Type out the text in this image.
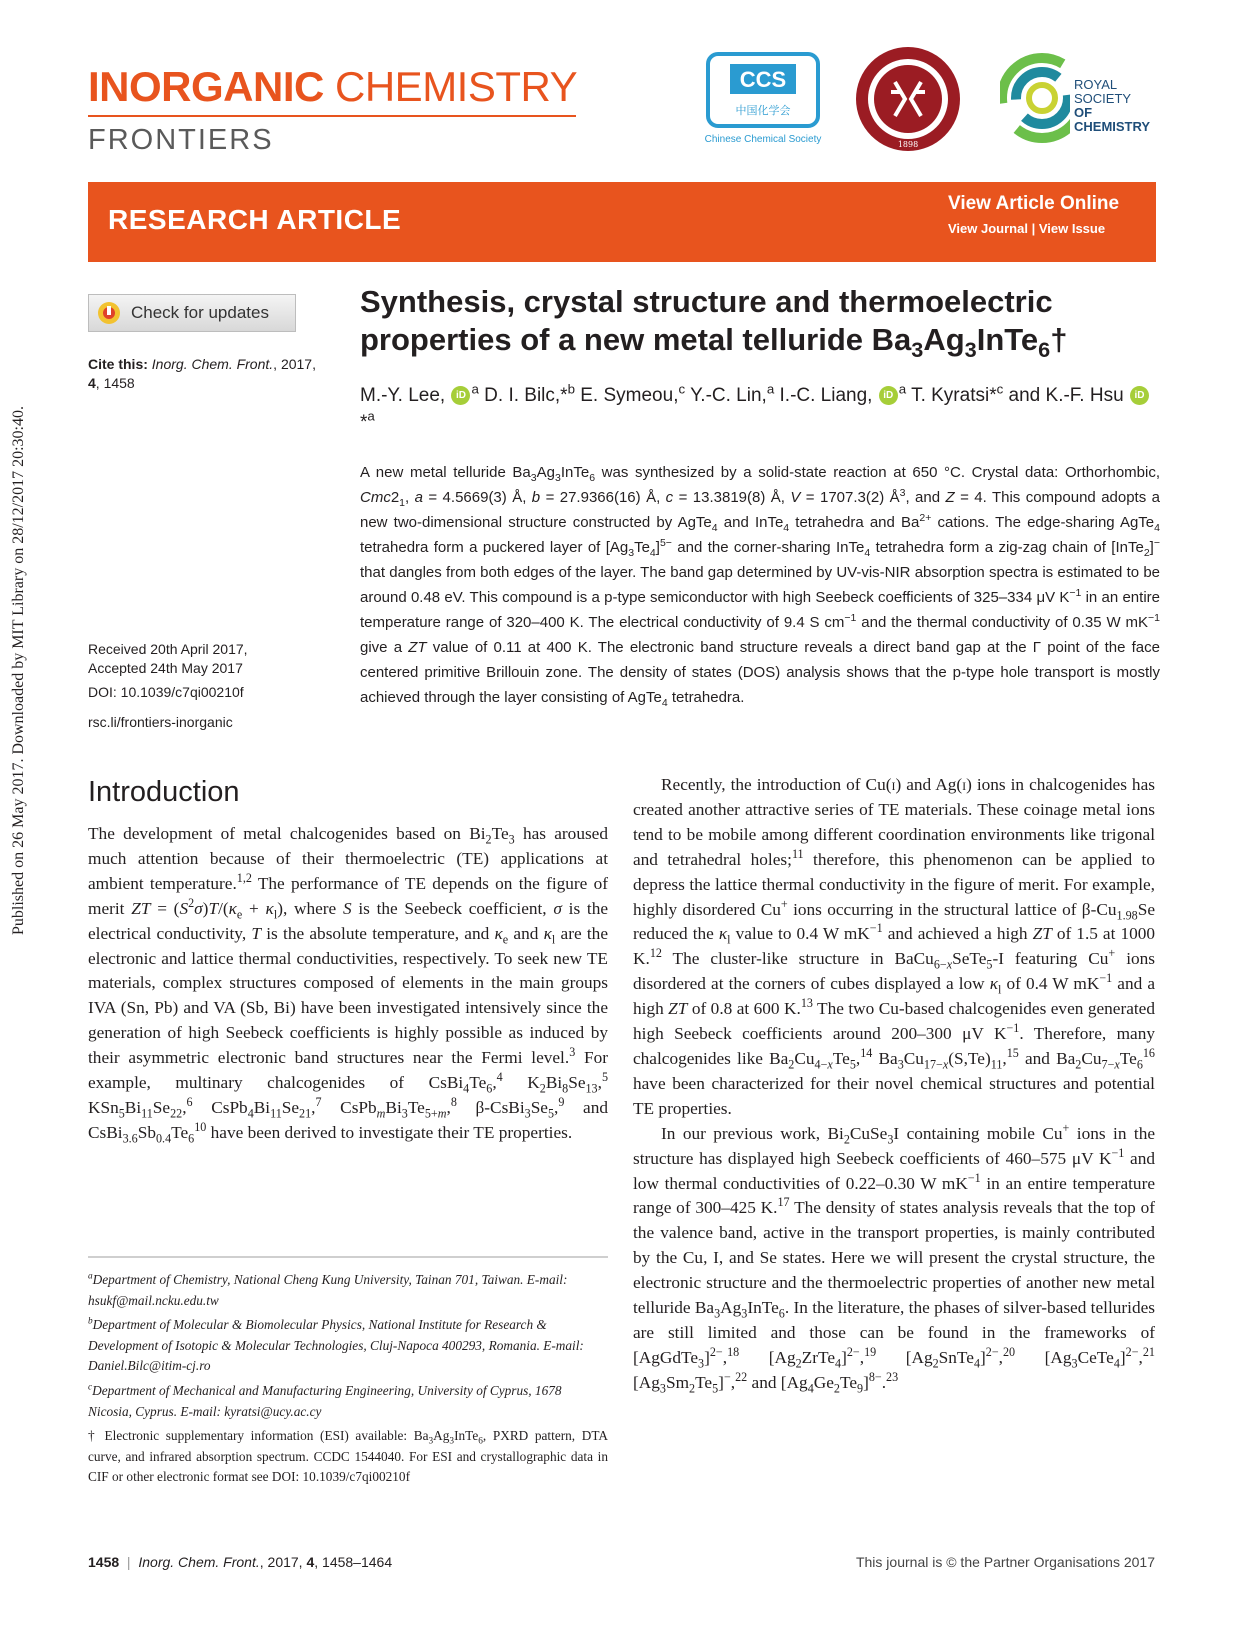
Published on 26 May 2017. Downloaded by MIT Library on 28/12/2017 20:30:40.
INORGANIC CHEMISTRY
FRONTIERS
CCS
中国化学会
Chinese Chemical Society	1898
ROYAL SOCIETY
OF CHEMISTRY
RESEARCH ARTICLE
View Article Online
View Journal | View Issue
Check for updates
Cite this: Inorg. Chem. Front., 2017,
4, 1458
Received 20th April 2017,
Accepted 24th May 2017
DOI: 10.1039/c7qi00210f
rsc.li/frontiers-inorganic
Synthesis, crystal structure and thermoelectric
properties of a new metal telluride $Ba_3Ag_3InTe_6\dagger$
M.-Y. Lee, iD $^a$ D. I. Bilc,*$^b$ E. Symeou,$^c$ Y.-C. Lin,$^a$ I.-C. Liang, iD $^a$ T. Kyratsi*$^c$ and K.-F. Hsu iD*$^a$
A new metal telluride $Ba_3Ag_3InTe_6$ was synthesized by a solid-state reaction at 650 °C. Crystal data: Orthorhombic, $Cmc2_1$, a = 4.5669(3) Å, b = 27.9366(16) Å, c = 13.3819(8) Å, V = 1707.3(2) $Å^3$, and Z = 4. This compound adopts a new two-dimensional structure constructed by AgTe$_4$ and InTe$_4$ tetrahedra and $Ba^{2+}$ cations. The edge-sharing AgTe$_4$ tetrahedra form a puckered layer of $[Ag_3Te_4]^{5-}$ and the corner-sharing InTe$_4$ tetrahedra form a zig-zag chain of [InTe$_2$]− that dangles from both edges of the layer. The band gap determined by UV-vis-NIR absorption spectra is estimated to be around 0.48 eV. This compound is a p-type semiconductor with high Seebeck coefficients of 325–334 μV $K^{-1}$ in an entire temperature range of 320–400 K. The electrical conductivity of 9.4 S $cm^{-1}$ and the thermal conductivity of 0.35 W $mK^{-1}$ give a ZT value of 0.11 at 400 K. The electronic band structure reveals a direct band gap at the Γ point of the face centered primitive Brillouin zone. The density of states (DOS) analysis shows that the p-type hole transport is mostly achieved through the layer consisting of AgTe$_4$ tetrahedra.
Introduction
The development of metal chalcogenides based on $Bi_2Te_3$ has aroused much attention because of their thermoelectric (TE) applications at ambient temperature.$^{1,2}$ The performance of TE depends on the figure of merit ZT = $(S^2\sigma)T/(\kappa_e + \kappa_l)$, where S is the Seebeck coefficient, σ is the electrical conductivity, T is the absolute temperature, and $\kappa_e$ and $\kappa_l$ are the electronic and lattice thermal conductivities, respectively. To seek new TE materials, complex structures composed of elements in the main groups IVA (Sn, Pb) and VA (Sb, Bi) have been investigated intensively since the generation of high Seebeck coefficients is highly possible as induced by their asymmetric electronic band structures near the Fermi level.$^3$ For example, multinary chalcogenides of $CsBi_4Te_6,^4$ $K_2Bi_8Se_{13},^5$ $KSn_5Bi_{11}Se_{22},^6$ $CsPb_4Bi_{11}Se_{21},^7$ $CsPb_mBi_3Te_{5+m},^8$ $\beta-CsBi_3Se_5,^9$ and $CsBi_{3.6}Sb_{0.4}Te_6^{10}$ have been derived to investigate their TE properties.
$^a$Department of Chemistry, National Cheng Kung University, Tainan 701, Taiwan. E-mail: hsukf@mail.ncku.edu.tw
$^b$Department of Molecular & Biomolecular Physics, National Institute for Research & Development of Isotopic & Molecular Technologies, Cluj-Napoca 400293, Romania. E-mail: Daniel.Bilc@itim-cj.ro
$^c$Department of Mechanical and Manufacturing Engineering, University of Cyprus, 1678 Nicosia, Cyprus. E-mail: kyratsi@ucy.ac.cy
† Electronic supplementary information (ESI) available: $Ba_3Ag_3InTe_6$, PXRD pattern, DTA curve, and infrared absorption spectrum. CCDC 1544040. For ESI and crystallographic data in CIF or other electronic format see DOI: 10.1039/c7qi00210f

Recently, the introduction of Cu(i) and Ag(i) ions in chalcogenides has created another attractive series of TE materials. These coinage metal ions tend to be mobile among different coordination environments like trigonal and tetrahedral holes;$^{11}$ therefore, this phenomenon can be applied to depress the lattice thermal conductivity in the figure of merit. For example, highly disordered Cu+ ions occurring in the structural lattice of $\beta-Cu_{1.98}Se$ reduced the $\kappa_l$ value to 0.4 W $mK^{-1}$ and achieved a high ZT of 1.5 at 1000 K.$^{12}$ The cluster-like structure in BaCu$_{6-x}$SeTe$_5$-I featuring Cu+ ions disordered at the corners of cubes displayed a low $\kappa_l$ of 0.4 W $mK^{-1}$ and a high ZT of 0.8 at 600 K.$^{13}$ The two Cu-based chalcogenides even generated high Seebeck coefficients around 200–300 μV $K^{-1}$. Therefore, many chalcogenides like $Ba_2Cu_{4-x}Te_5,^{14}$ $Ba_3Cu_{17-x}(S,Te)_{11},^{15}$ and $Ba_2Cu_{7-x}Te_6^{16}$ have been characterized for their novel chemical structures and potential TE properties.

In our previous work, $Bi_2CuSe_3I$ containing mobile Cu+ ions in the structure has displayed high Seebeck coefficients of 460–575 μV $K^{-1}$ and low thermal conductivities of 0.22–0.30 W $mK^{-1}$ in an entire temperature range of 300–425 K.$^{17}$ The density of states analysis reveals that the top of the valence band, active in the transport properties, is mainly contributed by the Cu, I, and Se states. Here we will present the crystal structure, the electronic structure and the thermoelectric properties of another new metal telluride $Ba_3Ag_3InTe_6$. In the literature, the phases of silver-based tellurides are still limited and those can be found in the frameworks of [AgGdTe$_3$]$^{2-}$,$^{18}$ $[Ag_2ZrTe_4]^{2-},^{19}$ $[Ag_2SnTe_4]^{2-},^{20}$ $[Ag_3CeTe_4]^{2-},^{21}$ $[Ag_3Sm_2Te_5]^-,^{22}$ and $[Ag_4Ge_2Te_9]^{8-}.^{23}$

1458  |  Inorg. Chem. Front., 2017, 4, 1458–1464	This journal is © the Partner Organisations 2017
